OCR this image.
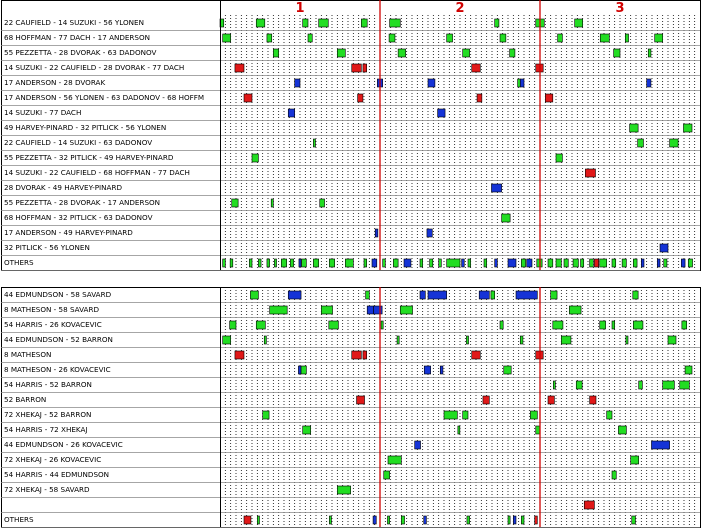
1	2	3
22 CAUFIELD - 14 SUZUKI - 56 YLONEN
68 HOFFMAN - 77 DACH - 17 ANDERSON
55 PEZZETTA - 28 DVORAK - 63 DADONOV
14 SUZUKI - 22 CAUFIELD - 28 DVORAK - 77 DACH
17 ANDERSON - 28 DVORAK
17 ANDERSON - 56 YLONEN - 63 DADONOV - 68 HOFFM
14 SUZUKI - 77 DACH
49 HARVEY-PINARD - 32 PITLICK - 56 YLONEN
22 CAUFIELD - 14 SUZUKI - 63 DADONOV
55 PEZZETTA - 32 PITLICK - 49 HARVEY-PINARD
14 SUZUKI - 22 CAUFIELD - 68 HOFFMAN - 77 DACH
28 DVORAK - 49 HARVEY-PINARD
55 PEZZETTA - 28 DVORAK - 17 ANDERSON
68 HOFFMAN - 32 PITLICK - 63 DADONOV
17 ANDERSON - 49 HARVEY-PINARD
32 PITLICK - 56 YLONEN
OTHERS
44 EDMUNDSON - 58 SAVARD
8 MATHESON - 58 SAVARD
54 HARRIS - 26 KOVACEVIC
44 EDMUNDSON - 52 BARRON
8 MATHESON
8 MATHESON - 26 KOVACEVIC
54 HARRIS - 52 BARRON
52 BARRON
72 XHEKAJ - 52 BARRON
54 HARRIS - 72 XHEKAJ
44 EDMUNDSON - 26 KOVACEVIC
72 XHEKAJ - 26 KOVACEVIC
54 HARRIS - 44 EDMUNDSON
72 XHEKAJ - 58 SAVARD
OTHERS
